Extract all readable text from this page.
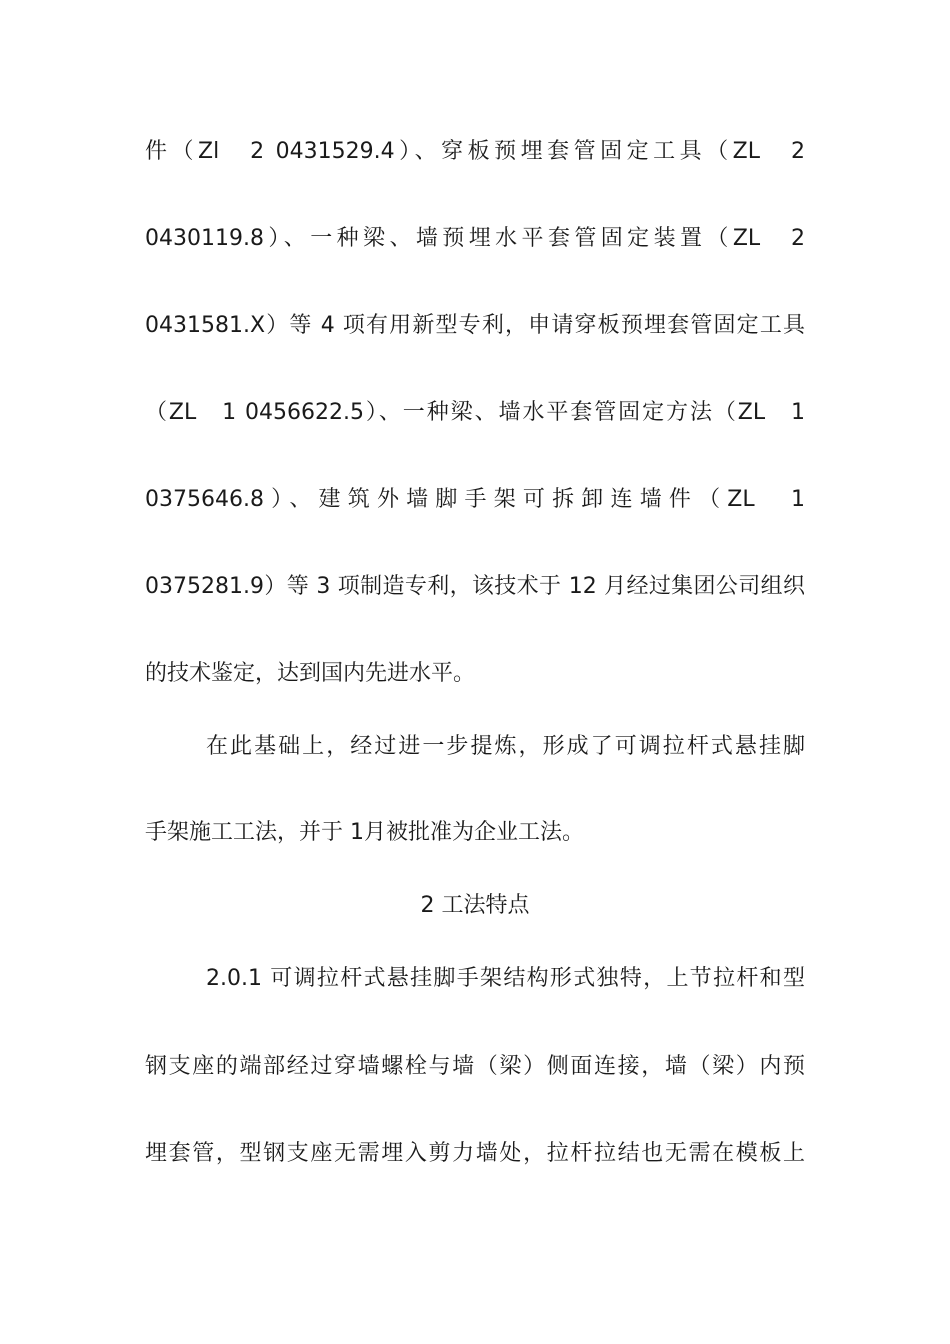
件（Zl　2 0431529.4）、穿板预埋套管固定工具（ZL　2
0430119.8）、一种梁、墙预埋水平套管固定装置（ZL　2
0431581.X）等 4 项有用新型专利，申请穿板预埋套管固定工具
（ZL　1 0456622.5）、一种梁、墙水平套管固定方法（ZL　1
0375646.8）、建筑外墙脚手架可拆卸连墙件（ZL　1
0375281.9）等 3 项制造专利，该技术于 12 月经过集团公司组织
的技术鉴定，达到国内先进水平。
在此基础上，经过进一步提炼，形成了可调拉杆式悬挂脚
手架施工工法，并于 1月被批准为企业工法。
2 工法特点
2.0.1 可调拉杆式悬挂脚手架结构形式独特，上节拉杆和型
钢支座的端部经过穿墙螺栓与墙（梁）侧面连接，墙（梁）内预
埋套管，型钢支座无需埋入剪力墙处，拉杆拉结也无需在模板上
